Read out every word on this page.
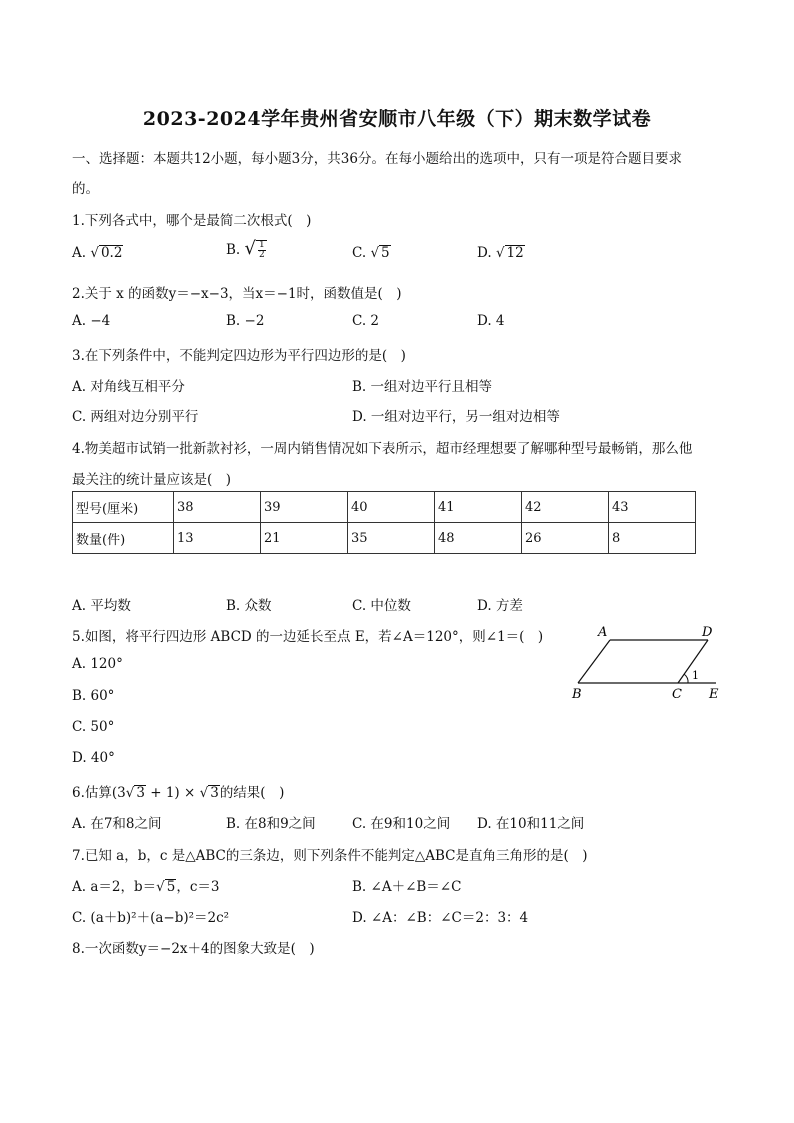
2023-2024学年贵州省安顺市八年级（下）期末数学试卷
一、选择题：本题共12小题，每小题3分，共36分。在每小题给出的选项中，只有一项是符合题目要求
的。
1.下列各式中，哪个是最简二次根式(　)
A. √ 0.2	B. √ $\frac{1}{2}$	C. √ 5	D. √ 12
2.关于 x 的函数y＝−x−3，当x＝−1时，函数值是(　)
A. −4	B. −2	C. 2	D. 4
3.在下列条件中，不能判定四边形为平行四边形的是(　)
A. 对角线互相平分	B. 一组对边平行且相等
C. 两组对边分别平行	D. 一组对边平行，另一组对边相等
4.物美超市试销一批新款衬衫，一周内销售情况如下表所示，超市经理想要了解哪种型号最畅销，那么他
最关注的统计量应该是(　)
型号(厘米)	38	39	40	41	42	43
数量(件)	13	21	35	48	26	8
A. 平均数	B. 众数	C. 中位数	D. 方差
5.如图，将平行四边形 ABCD 的一边延长至点 E，若∠A＝120°，则∠1＝(　)
A. 120°
B. 60°
C. 50°
D. 40°
A	D
B	C E
1
6.估算(3√ 3 + 1) × √ 3的结果(　)
A. 在7和8之间	B. 在8和9之间	C. 在9和10之间 D. 在10和11之间
7.已知 a，b，c 是△ABC的三条边，则下列条件不能判定△ABC是直角三角形的是(　)
A. a＝2，b＝√ 5，c＝3	B. ∠A＋∠B＝∠C
C. (a＋b)²＋(a−b)²＝2c²	D. ∠A：∠B：∠C＝2：3：4
8.一次函数y＝−2x＋4的图象大致是(　)
